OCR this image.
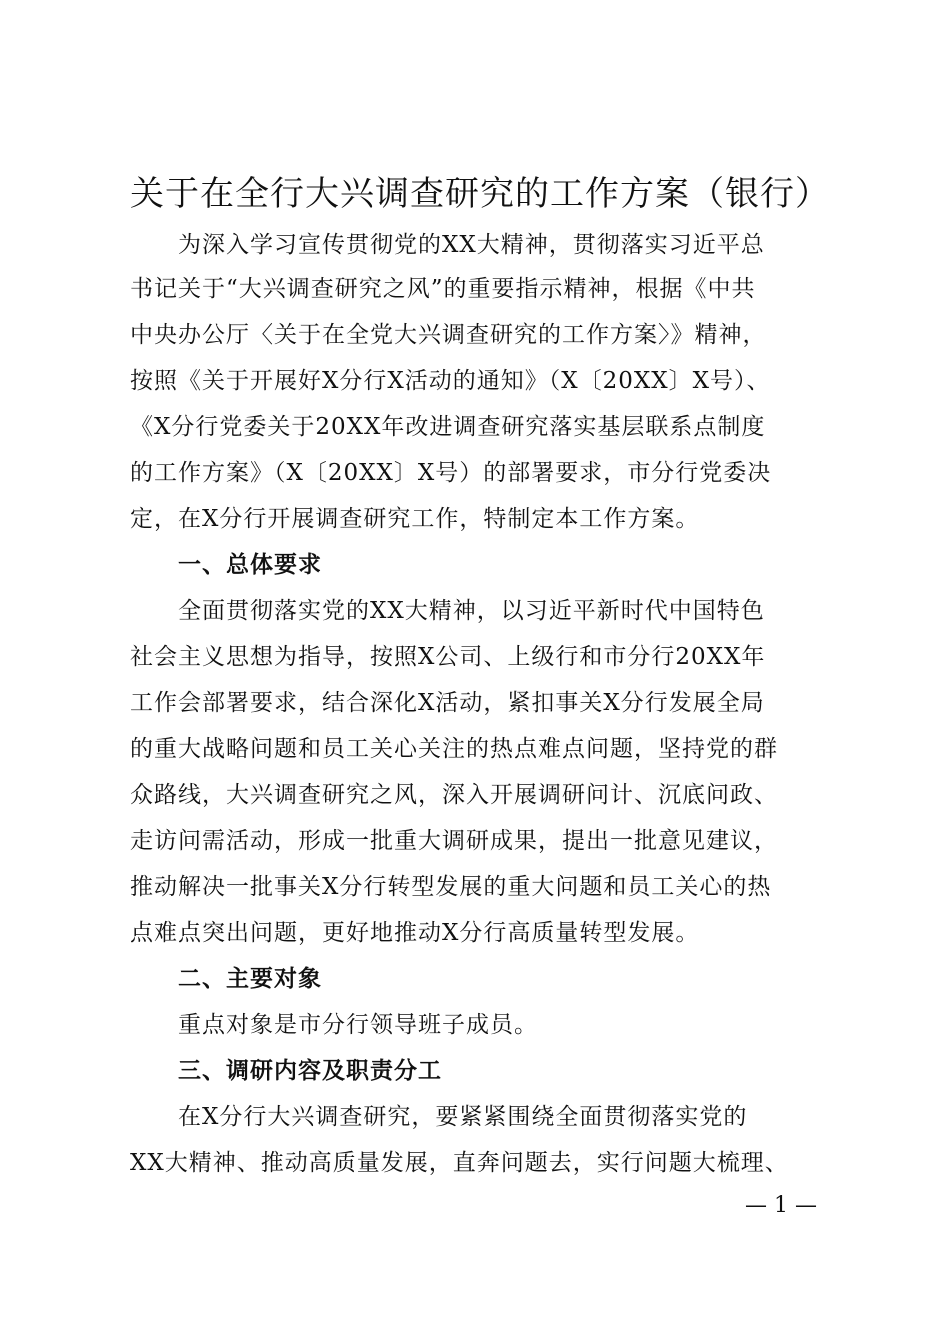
关于在全行大兴调查研究的工作方案（银行）
为深入学习宣传贯彻党的XX大精神，贯彻落实习近平总
书记关于“大兴调查研究之风”的重要指示精神，根据《中共
中央办公厅〈关于在全党大兴调查研究的工作方案〉》精神，
按照《关于开展好X分行X活动的通知》（X〔20XX〕X号）、
《X分行党委关于20XX年改进调查研究落实基层联系点制度
的工作方案》（X〔20XX〕X号）的部署要求，市分行党委决
定，在X分行开展调查研究工作，特制定本工作方案。
一、总体要求
全面贯彻落实党的XX大精神，以习近平新时代中国特色
社会主义思想为指导，按照X公司、上级行和市分行20XX年
工作会部署要求，结合深化X活动，紧扣事关X分行发展全局
的重大战略问题和员工关心关注的热点难点问题，坚持党的群
众路线，大兴调查研究之风，深入开展调研问计、沉底问政、
走访问需活动，形成一批重大调研成果，提出一批意见建议，
推动解决一批事关X分行转型发展的重大问题和员工关心的热
点难点突出问题，更好地推动X分行高质量转型发展。
二、主要对象
重点对象是市分行领导班子成员。
三、调研内容及职责分工
在X分行大兴调查研究，要紧紧围绕全面贯彻落实党的
XX大精神、推动高质量发展，直奔问题去，实行问题大梳理、
— 1 —
